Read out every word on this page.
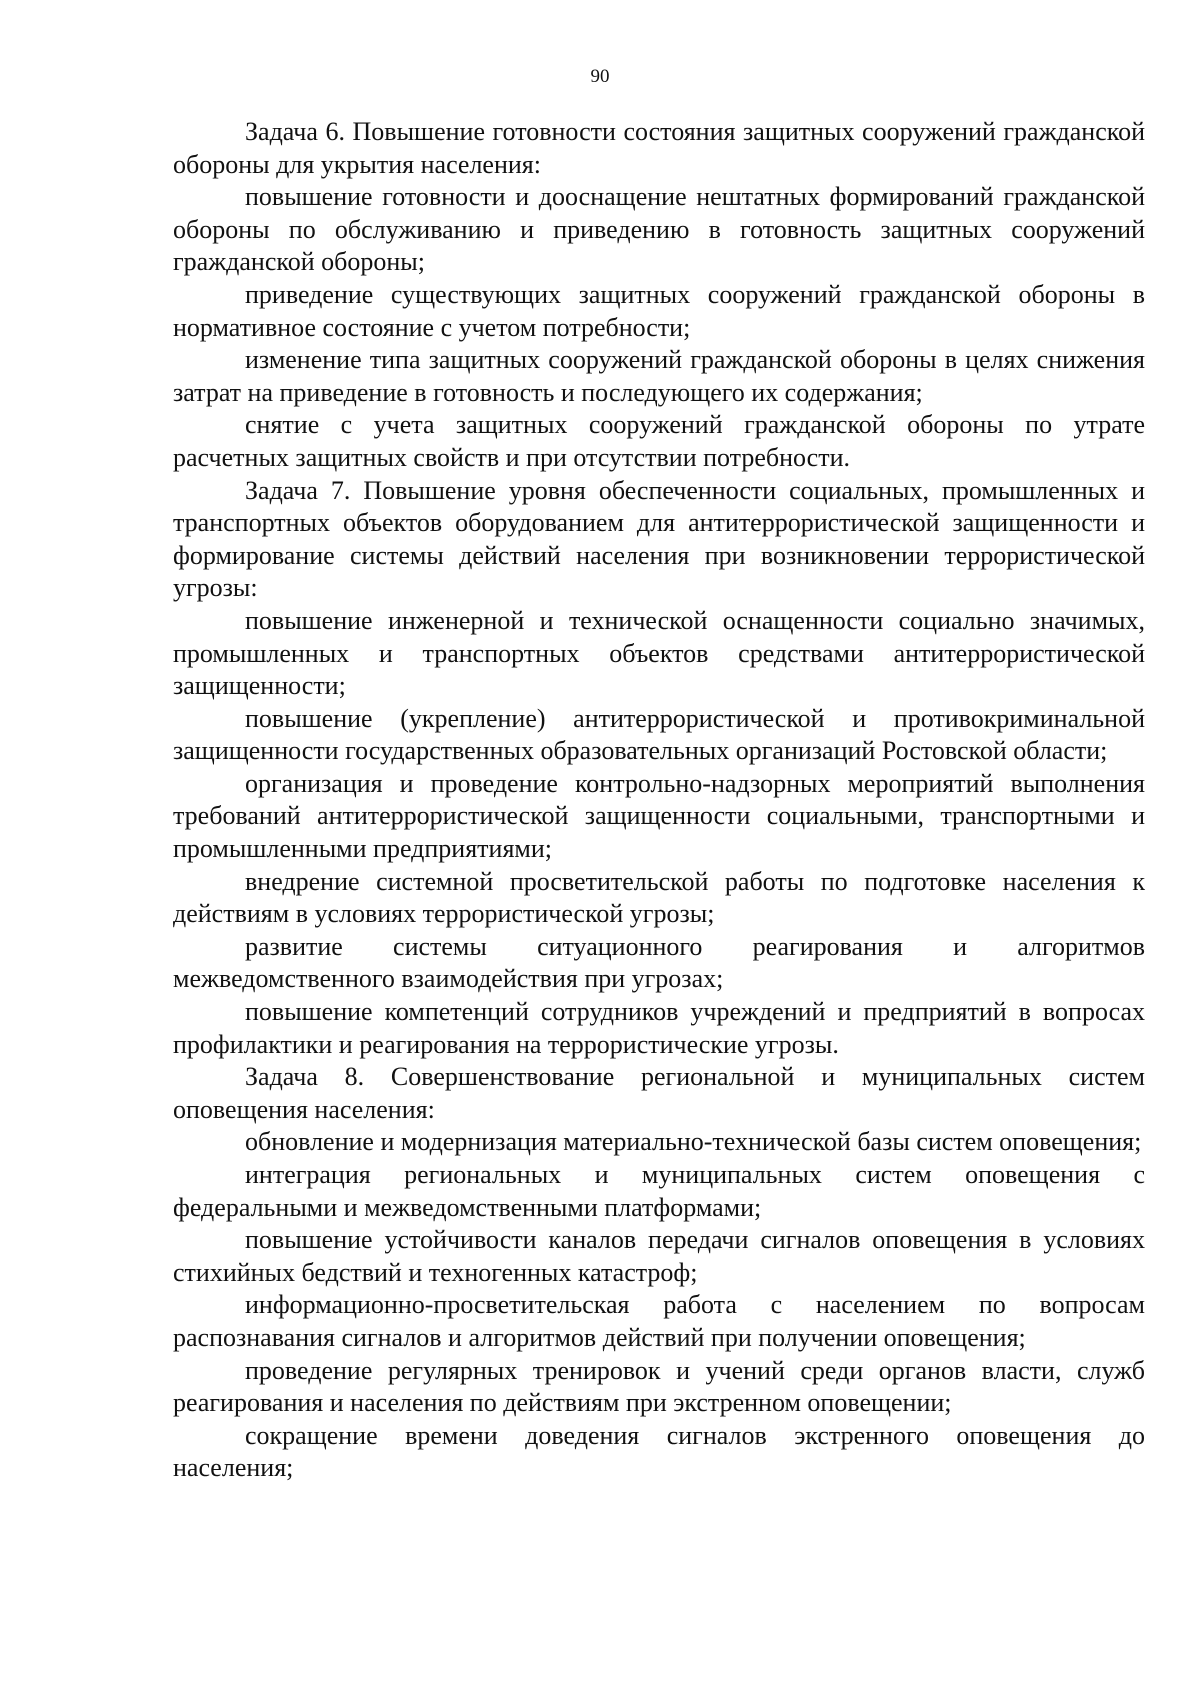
90

Задача 6. Повышение готовности состояния защитных сооружений гражданской обороны для укрытия населения:

повышение готовности и дооснащение нештатных формирований гражданской обороны по обслуживанию и приведению в готовность защитных сооружений гражданской обороны;

приведение существующих защитных сооружений гражданской обороны в нормативное состояние с учетом потребности;

изменение типа защитных сооружений гражданской обороны в целях снижения затрат на приведение в готовность и последующего их содержания;

снятие с учета защитных сооружений гражданской обороны по утрате расчетных защитных свойств и при отсутствии потребности.

Задача 7. Повышение уровня обеспеченности социальных, промышленных и транспортных объектов оборудованием для антитеррористической защищенности и формирование системы действий населения при возникновении террористической угрозы:

повышение инженерной и технической оснащенности социально значимых, промышленных и транспортных объектов средствами антитеррористической защищенности;

повышение (укрепление) антитеррористической и противокриминальной защищенности государственных образовательных организаций Ростовской области;

организация и проведение контрольно-надзорных мероприятий выполнения требований антитеррористической защищенности социальными, транспортными и промышленными предприятиями;

внедрение системной просветительской работы по подготовке населения к действиям в условиях террористической угрозы;

развитие системы ситуационного реагирования и алгоритмов межведомственного взаимодействия при угрозах;

повышение компетенций сотрудников учреждений и предприятий в вопросах профилактики и реагирования на террористические угрозы.

Задача 8. Совершенствование региональной и муниципальных систем оповещения населения:

обновление и модернизация материально-технической базы систем оповещения;

интеграция региональных и муниципальных систем оповещения с федеральными и межведомственными платформами;

повышение устойчивости каналов передачи сигналов оповещения в условиях стихийных бедствий и техногенных катастроф;

информационно-просветительская работа с населением по вопросам распознавания сигналов и алгоритмов действий при получении оповещения;

проведение регулярных тренировок и учений среди органов власти, служб реагирования и населения по действиям при экстренном оповещении;

сокращение времени доведения сигналов экстренного оповещения до населения;
